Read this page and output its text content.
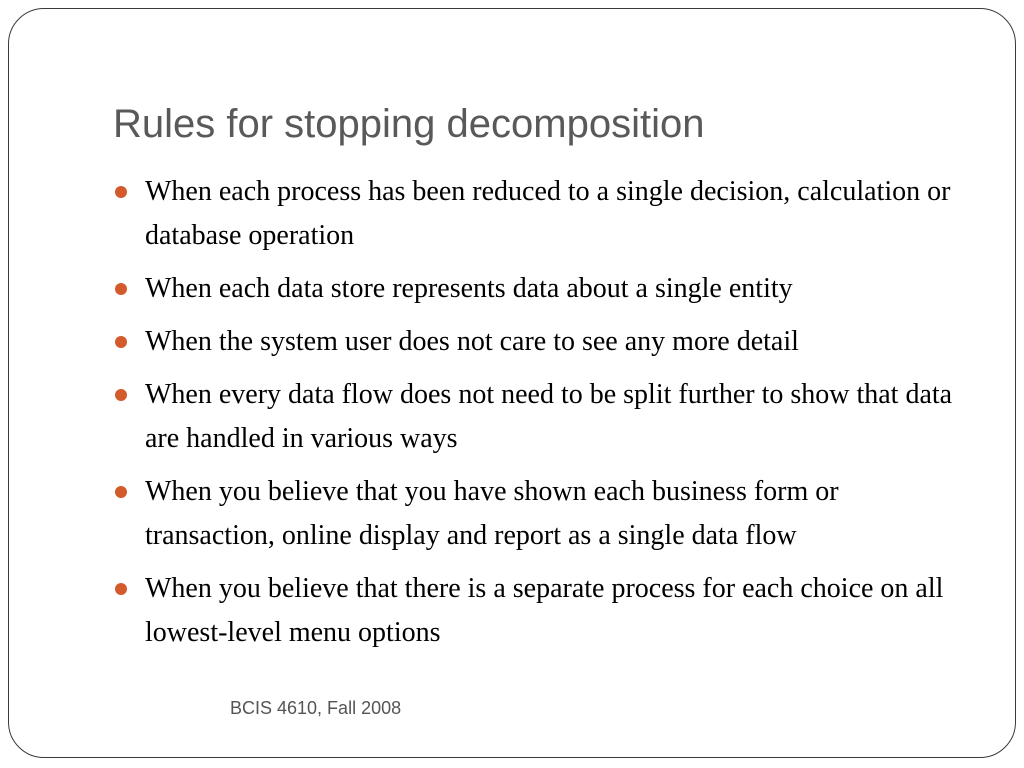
Rules for stopping decomposition
When each process has been reduced to a single decision, calculation or database operation
When each data store represents data about a single entity
When the system user does not care to see any more detail
When every data flow does not need to be split further to show that data are handled in various ways
When you believe that you have shown each business form or transaction, online display and report as a single data flow
When you believe that there is a separate process for each choice on all lowest-level menu options
BCIS 4610, Fall 2008
